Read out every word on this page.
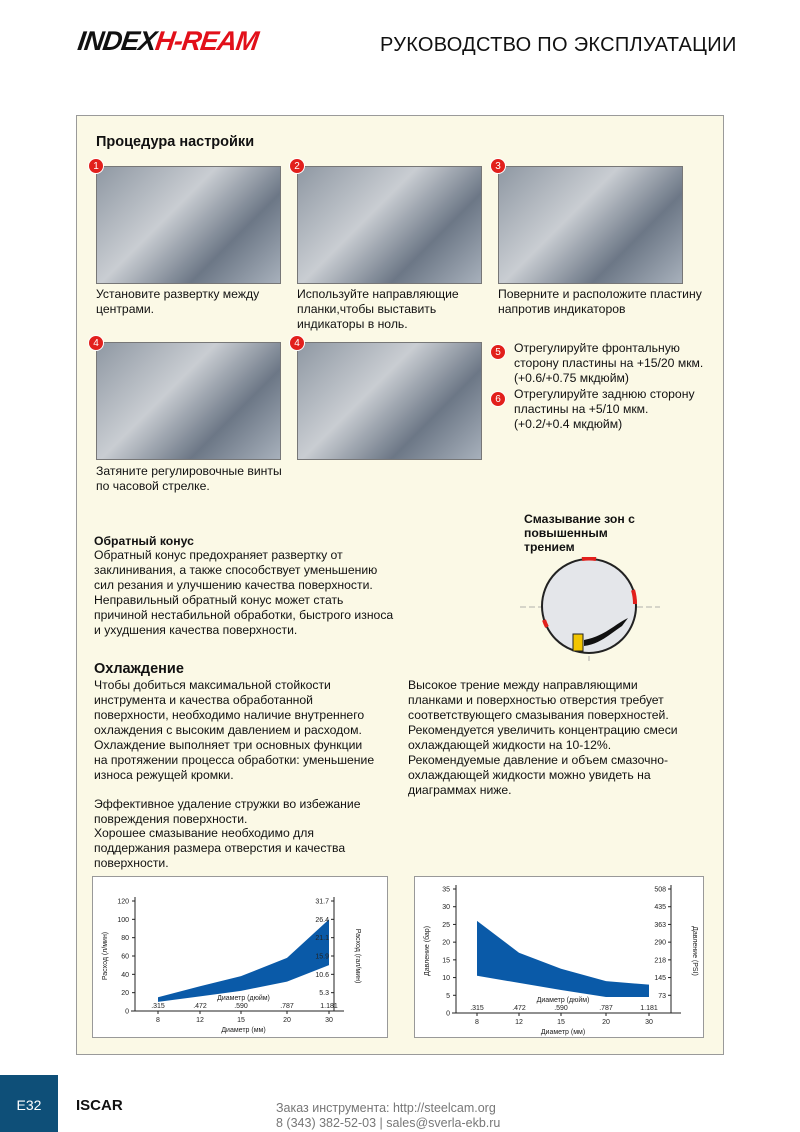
INDEXH-REAM	РУКОВОДСТВО ПО ЭКСПЛУАТАЦИИ
Процедура настройки
1	2	3
4	4
5
6
Установите развертку между центрами.
Используйте направляющие планки,чтобы выставить индикаторы в ноль.
Поверните и расположите пластину напротив индикаторов
Затяните регулировочные винты по часовой стрелке.
Отрегулируйте фронтальную сторону пластины на +15/20 мкм. (+0.6/+0.75 мкдюйм)
Отрегулируйте заднюю сторону пластины на +5/10 мкм. (+0.2/+0.4 мкдюйм)
Обратный конус
Обратный конус предохраняет развертку от заклинивания, а также способствует уменьшению сил резания и улучшению качества поверхности. Неправильный обратный конус может стать причиной нестабильной обработки, быстрого износа и ухудшения качества поверхности.
Смазывание зон с повышенным трением
Охлаждение
Чтобы добиться максимальной стойкости инструмента и качества обработанной поверхности, необходимо наличие внутреннего охлаждения с высоким давлением и расходом. Охлаждение выполняет три основных функции на протяжении процесса обработки: уменьшение износа режущей кромки.
Эффективное удаление стружки во избежание повреждения поверхности.
Хорошее смазывание необходимо для поддержания размера отверстия и качества поверхности.
Высокое трение между направляющими планками и поверхностью отверстия требует соответствующего смазывания поверхностей. Рекомендуется увеличить концентрацию смеси охлаждающей жидкости на 10-12%. Рекомендуемые давление и объем смазочно-охлаждающей жидкости можно увидеть на диаграммах ниже.
0
20
40
60
80
100
120
5.3
10.6
15.9
21.1
26.4
31.7
8
.315
12
.472
15
.590
20
.787
30
1.181
Диаметр (дюйм)
Диаметр (мм)
Расход (л/мин)	Расход (гал/мин)
0
5
10
15
20
25
30
35
73
145
218
290
363
435
508
8
.315
12
.472
15
.590
20
.787
30
1.181
Диаметр (дюйм)
Диаметр (мм)
Давление (бар)	Давление (PSI)
E32	ISCAR	Заказ инструмента: http://steelcam.org
8 (343) 382-52-03 | sales@sverla-ekb.ru
